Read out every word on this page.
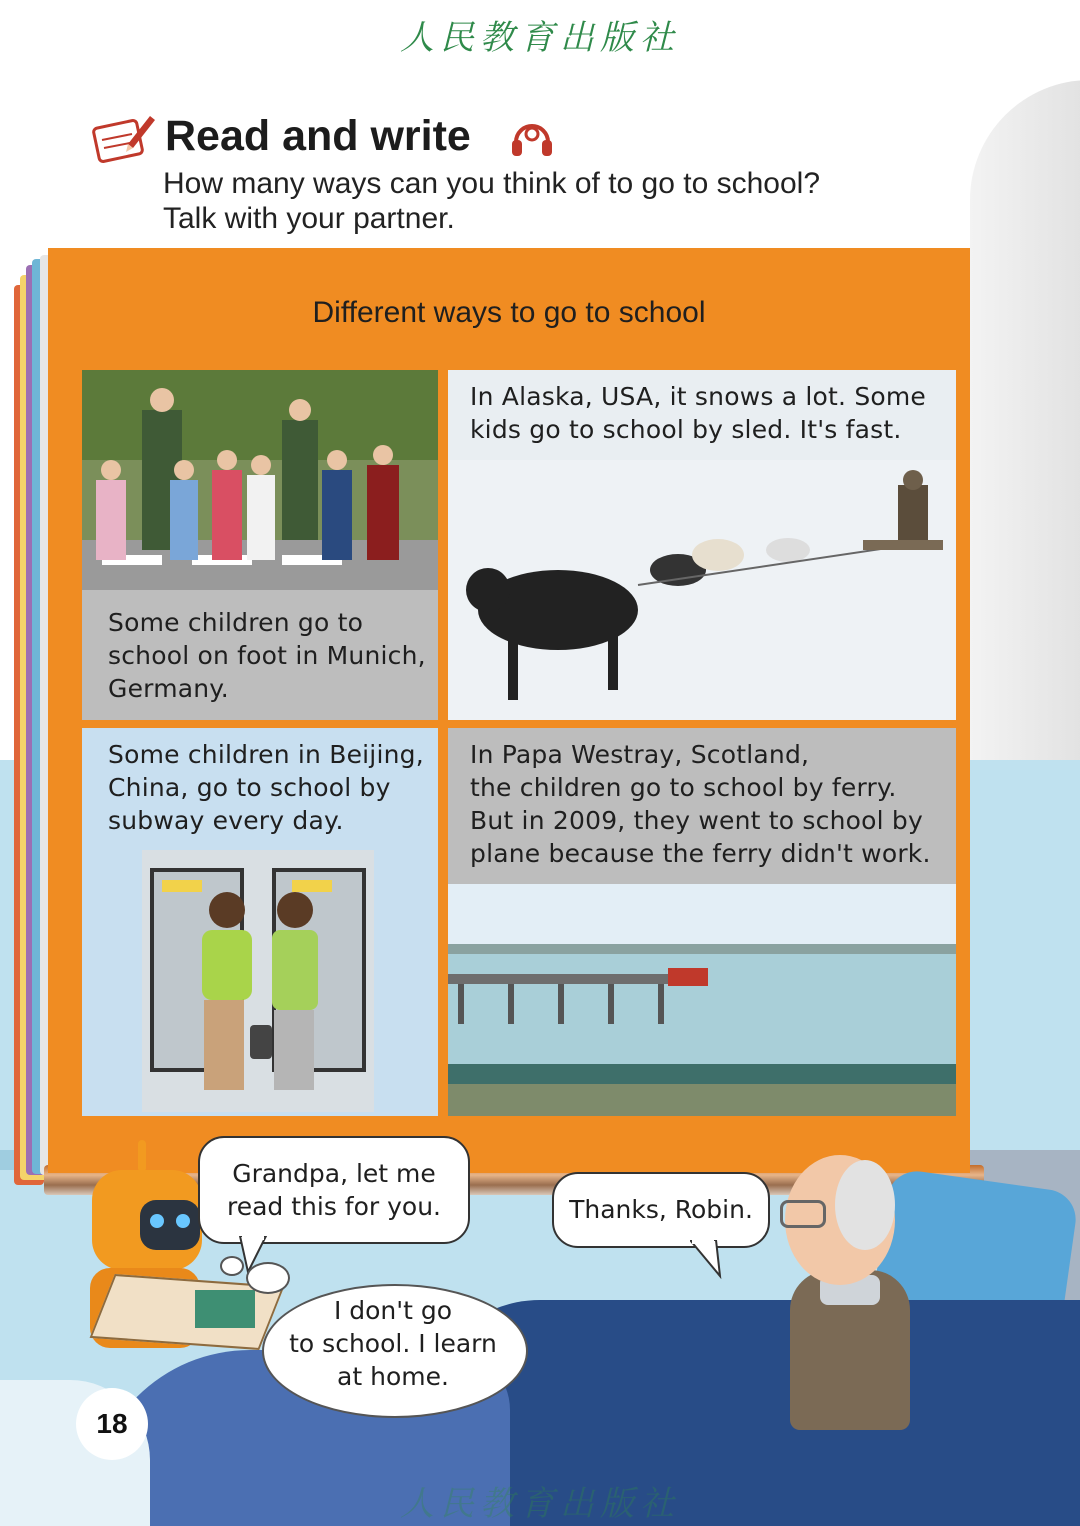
人民教育出版社
Read and write
How many ways can you think of to go to school?
Talk with your partner.
Different ways to go to school
Some children go to
school on foot in Munich,
Germany.
In Alaska, USA, it snows a lot. Some
kids go to school by sled. It's fast.
Some children in Beijing,
China, go to school by
subway every day.
In Papa Westray, Scotland,
the children go to school by ferry.
But in 2009, they went to school by
plane because the ferry didn't work.
Grandpa, let me
read this for you.	Thanks, Robin.
I don't go
to school. I learn
at home.
18
人民教育出版社
